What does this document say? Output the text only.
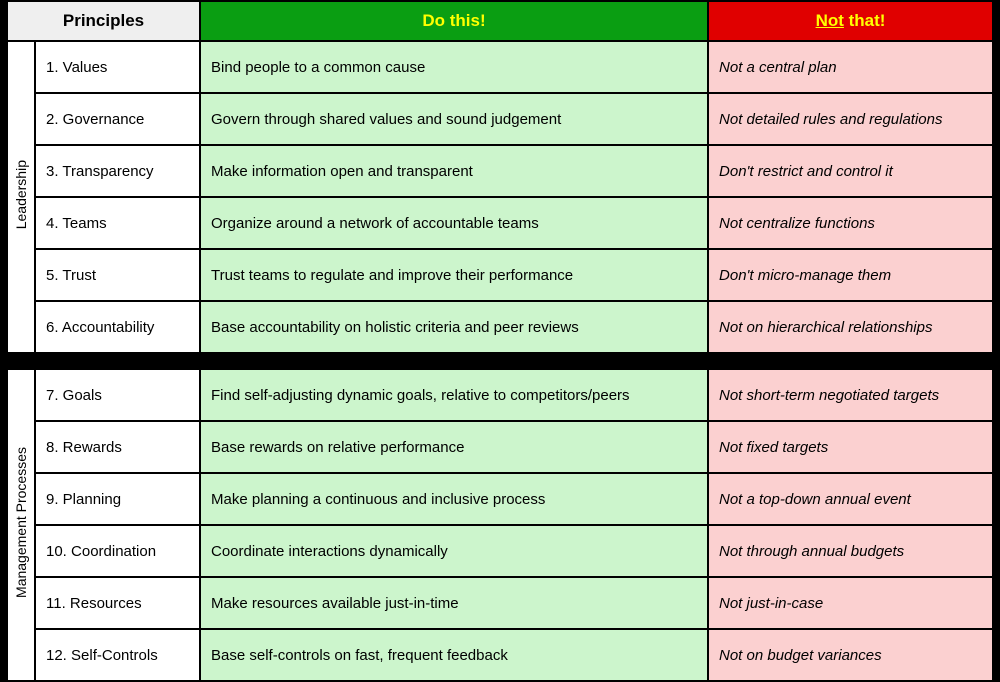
Principles		Do this!	Not that!
Leadership	1. Values	Bind people to a common cause	Not a central plan
	2. Governance	Govern through shared values and sound judgement	Not detailed rules and regulations
	3. Transparency	Make information open and transparent	Don't restrict and control it
	4. Teams	Organize around a network of accountable teams	Not centralize functions
	5. Trust	Trust teams to regulate and improve their performance	Don't micro-manage them
	6. Accountability	Base accountability on holistic criteria and peer reviews	Not on hierarchical relationships
Management Processes	7. Goals	Find self-adjusting dynamic goals, relative to competitors/peers	Not short-term negotiated targets
	8. Rewards	Base rewards on relative performance	Not fixed targets
	9. Planning	Make planning a continuous and inclusive process	Not a top-down annual event
	10. Coordination	Coordinate interactions dynamically	Not through annual budgets
	11. Resources	Make resources available just-in-time	Not just-in-case
	12. Self-Controls	Base self-controls on fast, frequent feedback	Not on budget variances
